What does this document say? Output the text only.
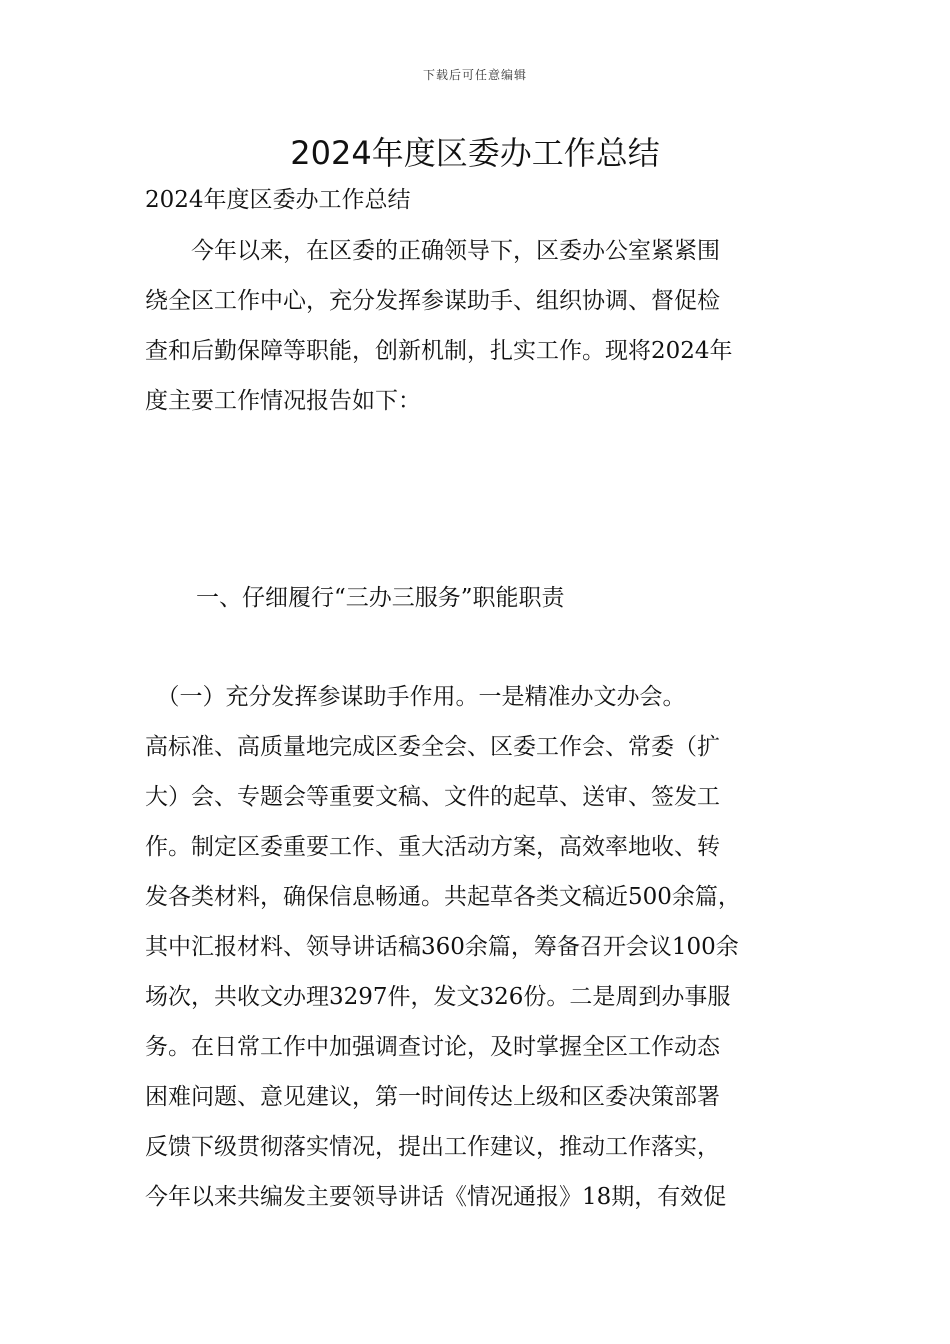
下载后可任意编辑
2024年度区委办工作总结

2024年度区委办工作总结

　　今年以来，在区委的正确领导下，区委办公室紧紧围
绕全区工作中心，充分发挥参谋助手、组织协调、督促检
查和后勤保障等职能，创新机制，扎实工作。现将2024年
度主要工作情况报告如下：

一、仔细履行“三办三服务”职能职责

　（一）充分发挥参谋助手作用。一是精准办文办会。
高标准、高质量地完成区委全会、区委工作会、常委（扩
大）会、专题会等重要文稿、文件的起草、送审、签发工
作。制定区委重要工作、重大活动方案，高效率地收、转
发各类材料，确保信息畅通。共起草各类文稿近500余篇，
其中汇报材料、领导讲话稿360余篇，筹备召开会议100余
场次，共收文办理3297件，发文326份。二是周到办事服
务。在日常工作中加强调查讨论，及时掌握全区工作动态
困难问题、意见建议，第一时间传达上级和区委决策部署
反馈下级贯彻落实情况，提出工作建议，推动工作落实，
今年以来共编发主要领导讲话《情况通报》18期，有效促
